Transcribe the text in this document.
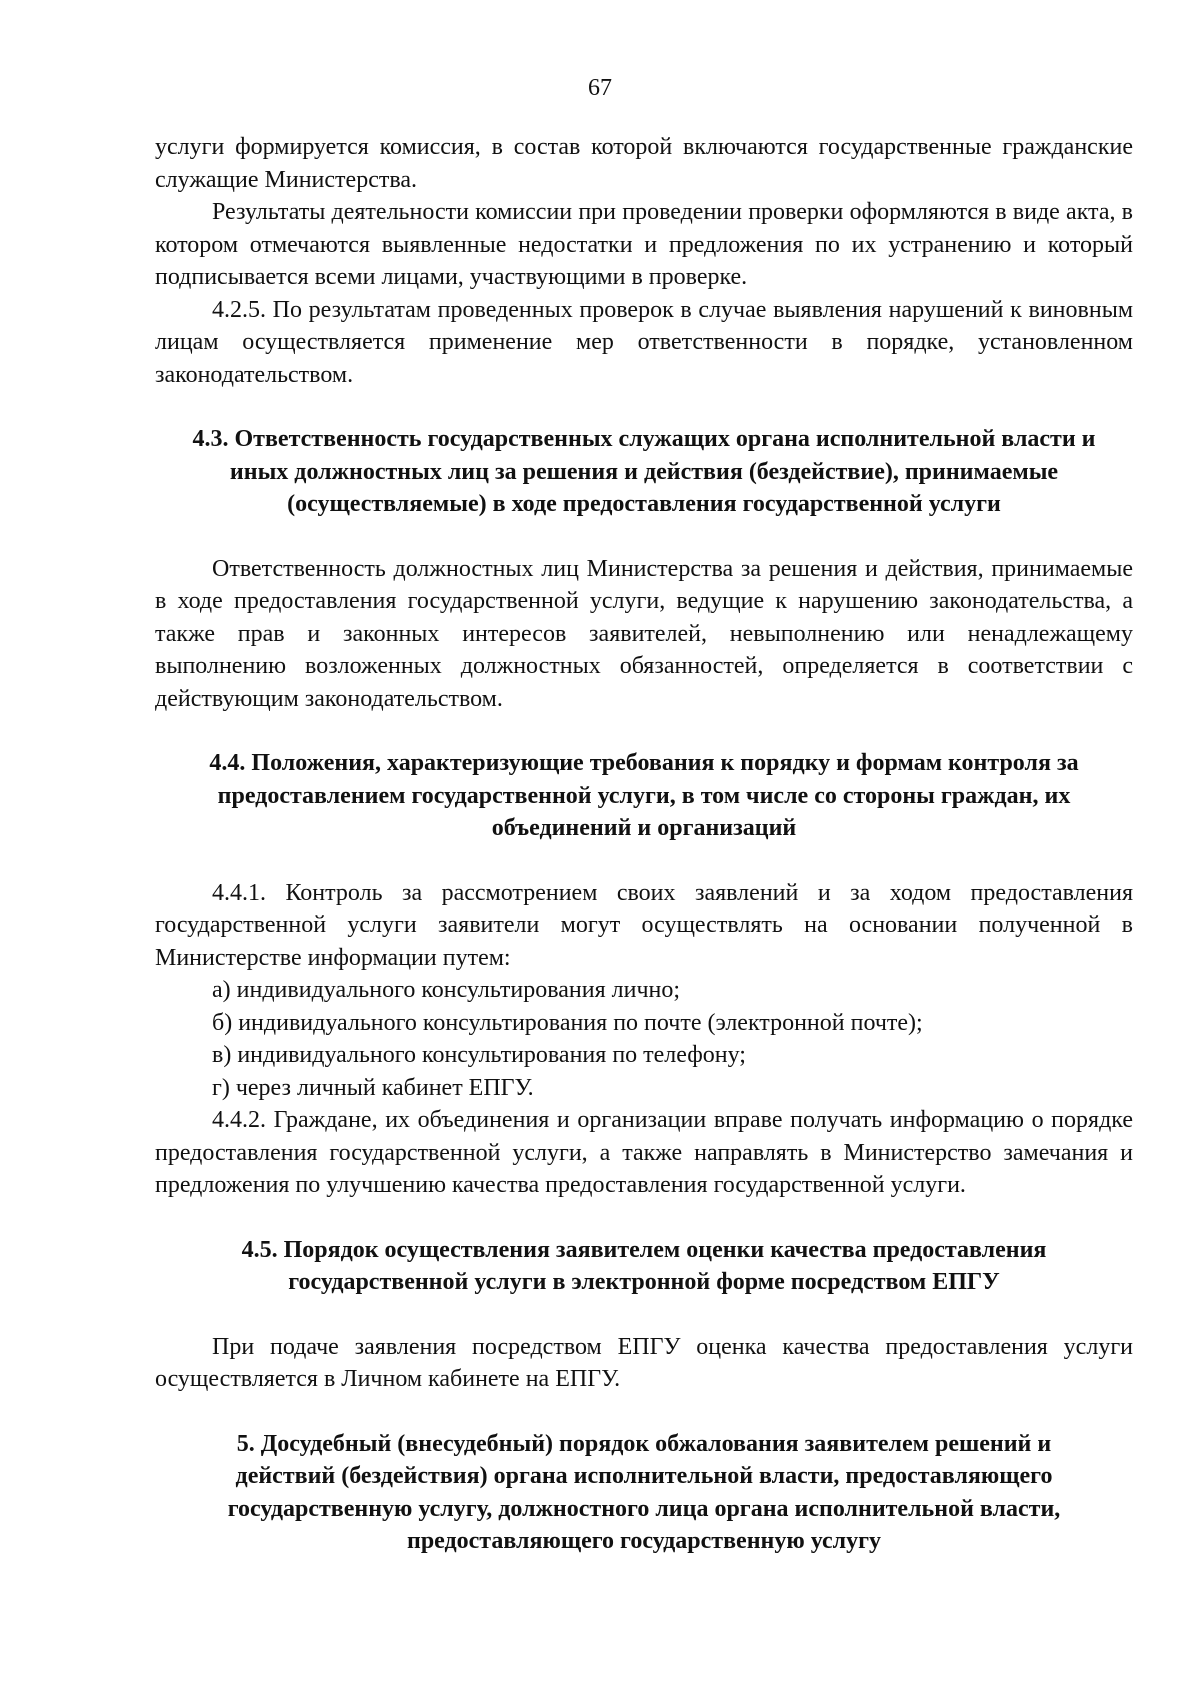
67

услуги формируется комиссия, в состав которой включаются государственные гражданские служащие Министерства.

Результаты деятельности комиссии при проведении проверки оформляются в виде акта, в котором отмечаются выявленные недостатки и предложения по их устранению и который подписывается всеми лицами, участвующими в проверке.

4.2.5. По результатам проведенных проверок в случае выявления нарушений к виновным лицам осуществляется применение мер ответственности в порядке, установленном законодательством.

4.3. Ответственность государственных служащих органа исполнительной власти и
иных должностных лиц за решения и действия (бездействие), принимаемые
(осуществляемые) в ходе предоставления государственной услуги

Ответственность должностных лиц Министерства за решения и действия, принимаемые в ходе предоставления государственной услуги, ведущие к нарушению законодательства, а также прав и законных интересов заявителей, невыполнению или ненадлежащему выполнению возложенных должностных обязанностей, определяется в соответствии с действующим законодательством.

4.4. Положения, характеризующие требования к порядку и формам контроля за
предоставлением государственной услуги, в том числе со стороны граждан, их
объединений и организаций

4.4.1. Контроль за рассмотрением своих заявлений и за ходом предоставления государственной услуги заявители могут осуществлять на основании полученной в Министерстве информации путем:

а) индивидуального консультирования лично;

б) индивидуального консультирования по почте (электронной почте);

в) индивидуального консультирования по телефону;

г) через личный кабинет ЕПГУ.

4.4.2. Граждане, их объединения и организации вправе получать информацию о порядке предоставления государственной услуги, а также направлять в Министерство замечания и предложения по улучшению качества предоставления государственной услуги.

4.5. Порядок осуществления заявителем оценки качества предоставления
государственной услуги в электронной форме посредством ЕПГУ

При подаче заявления посредством ЕПГУ оценка качества предоставления услуги осуществляется в Личном кабинете на ЕПГУ.

5. Досудебный (внесудебный) порядок обжалования заявителем решений и
действий (бездействия) органа исполнительной власти, предоставляющего
государственную услугу, должностного лица органа исполнительной власти,
предоставляющего государственную услугу
